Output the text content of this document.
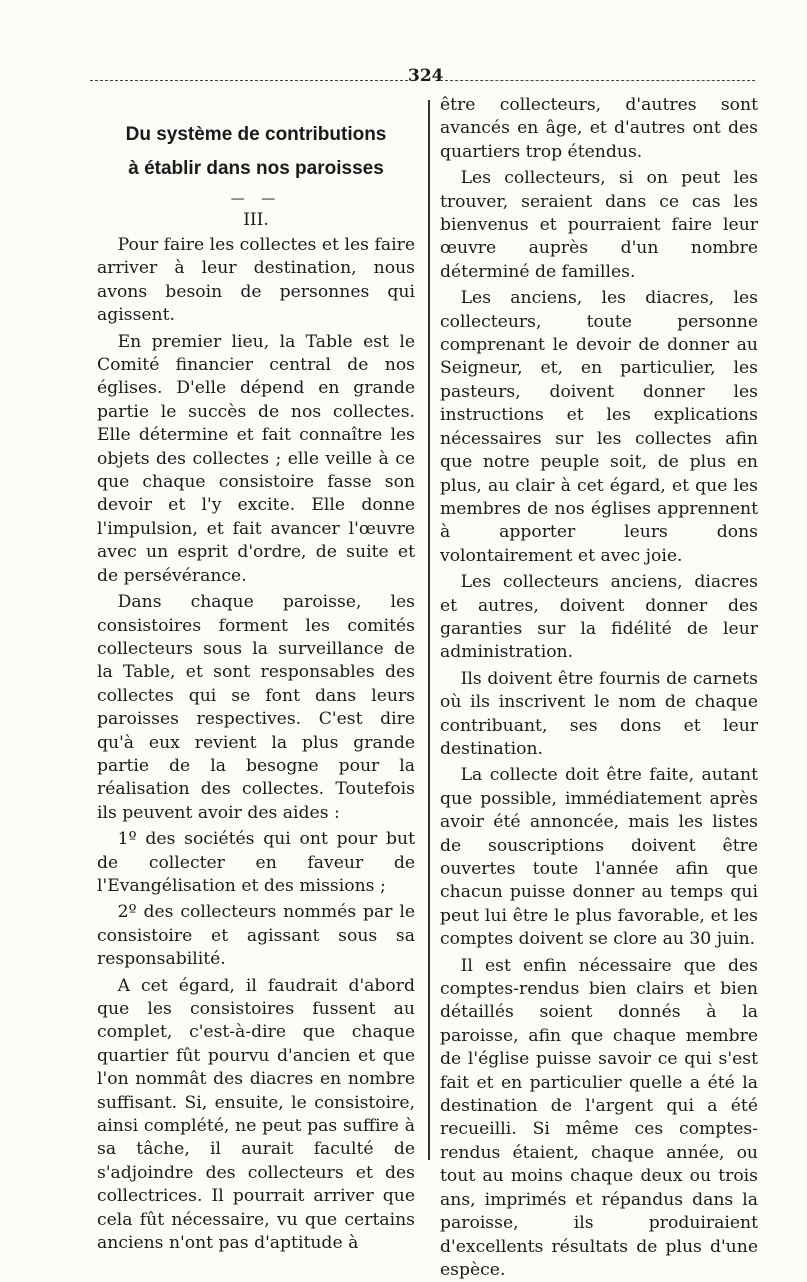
324
Du système de contributions
à établir dans nos paroisses
— —
III.

Pour faire les collectes et les faire arriver à leur destination, nous avons besoin de personnes qui agissent.

En premier lieu, la Table est le Comité financier central de nos églises. D'elle dépend en grande partie le succès de nos collectes. Elle détermine et fait connaître les objets des collectes ; elle veille à ce que chaque consistoire fasse son devoir et l'y excite. Elle donne l'impulsion, et fait avancer l'œuvre avec un esprit d'ordre, de suite et de persévérance.

Dans chaque paroisse, les consistoires forment les comités collecteurs sous la surveillance de la Table, et sont responsables des collectes qui se font dans leurs paroisses respectives. C'est dire qu'à eux revient la plus grande partie de la besogne pour la réalisation des collectes. Toutefois ils peuvent avoir des aides :

1º des sociétés qui ont pour but de collecter en faveur de l'Evangélisation et des missions ;

2º des collecteurs nommés par le consistoire et agissant sous sa responsabilité.

A cet égard, il faudrait d'abord que les consistoires fussent au complet, c'est-à-dire que chaque quartier fût pourvu d'ancien et que l'on nommât des diacres en nombre suffisant. Si, ensuite, le consistoire, ainsi complété, ne peut pas suffire à sa tâche, il aurait faculté de s'adjoindre des collecteurs et des collectrices. Il pourrait arriver que cela fût nécessaire, vu que certains anciens n'ont pas d'aptitude à

être collecteurs, d'autres sont avancés en âge, et d'autres ont des quartiers trop étendus.

Les collecteurs, si on peut les trouver, seraient dans ce cas les bienvenus et pourraient faire leur œuvre auprès d'un nombre déterminé de familles.

Les anciens, les diacres, les collecteurs, toute personne comprenant le devoir de donner au Seigneur, et, en particulier, les pasteurs, doivent donner les instructions et les explications nécessaires sur les collectes afin que notre peuple soit, de plus en plus, au clair à cet égard, et que les membres de nos églises apprennent à apporter leurs dons volontairement et avec joie.

Les collecteurs anciens, diacres et autres, doivent donner des garanties sur la fidélité de leur administration.

Ils doivent être fournis de carnets où ils inscrivent le nom de chaque contribuant, ses dons et leur destination.

La collecte doit être faite, autant que possible, immédiatement après avoir été annoncée, mais les listes de souscriptions doivent être ouvertes toute l'année afin que chacun puisse donner au temps qui peut lui être le plus favorable, et les comptes doivent se clore au 30 juin.

Il est enfin nécessaire que des comptes-rendus bien clairs et bien détaillés soient donnés à la paroisse, afin que chaque membre de l'église puisse savoir ce qui s'est fait et en particulier quelle a été la destination de l'argent qui a été recueilli. Si même ces comptes-rendus étaient, chaque année, ou tout au moins chaque deux ou trois ans, imprimés et répandus dans la paroisse, ils produiraient d'excellents résultats de plus d'une espèce.
